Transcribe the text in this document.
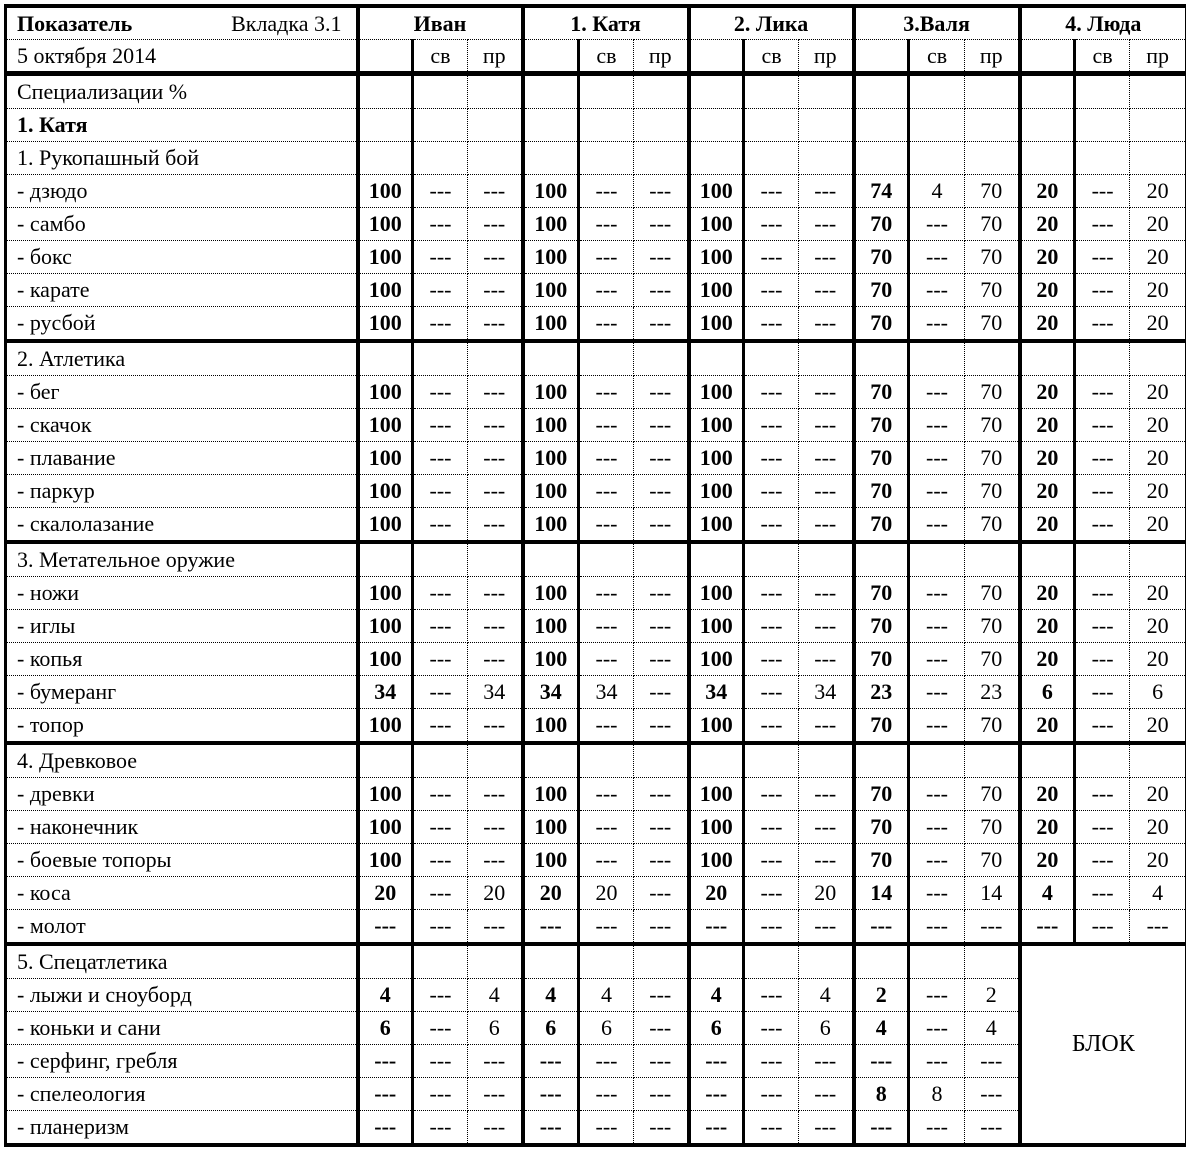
Показатель Вкладка 3.1	Иван			1. Катя			2. Лика			3.Валя			4. Люда		
5 октября 2014		св	пр		св	пр		св	пр		св	пр		св	пр
Специализации %															
1. Катя															
1. Рукопашный бой															
- дзюдо	100	---	---	100	---	---	100	---	---	74	4	70	20	---	20
- самбо	100	---	---	100	---	---	100	---	---	70	---	70	20	---	20
- бокс	100	---	---	100	---	---	100	---	---	70	---	70	20	---	20
- карате	100	---	---	100	---	---	100	---	---	70	---	70	20	---	20
- русбой	100	---	---	100	---	---	100	---	---	70	---	70	20	---	20
2. Атлетика															
- бег	100	---	---	100	---	---	100	---	---	70	---	70	20	---	20
- скачок	100	---	---	100	---	---	100	---	---	70	---	70	20	---	20
- плавание	100	---	---	100	---	---	100	---	---	70	---	70	20	---	20
- паркур	100	---	---	100	---	---	100	---	---	70	---	70	20	---	20
- скалолазание	100	---	---	100	---	---	100	---	---	70	---	70	20	---	20
3. Метательное оружие															
- ножи	100	---	---	100	---	---	100	---	---	70	---	70	20	---	20
- иглы	100	---	---	100	---	---	100	---	---	70	---	70	20	---	20
- копья	100	---	---	100	---	---	100	---	---	70	---	70	20	---	20
- бумеранг	34	---	34	34	34	---	34	---	34	23	---	23	6	---	6
- топор	100	---	---	100	---	---	100	---	---	70	---	70	20	---	20
4. Древковое															
- древки	100	---	---	100	---	---	100	---	---	70	---	70	20	---	20
- наконечник	100	---	---	100	---	---	100	---	---	70	---	70	20	---	20
- боевые топоры	100	---	---	100	---	---	100	---	---	70	---	70	20	---	20
- коса	20	---	20	20	20	---	20	---	20	14	---	14	4	---	4
- молот	---	---	---	---	---	---	---	---	---	---	---	---	---	---	---
5. Спецатлетика													БЛОК		
- лыжи и сноуборд	4	---	4	4	4	---	4	---	4	2	---	2			
- коньки и сани	6	---	6	6	6	---	6	---	6	4	---	4			
- серфинг, гребля	---	---	---	---	---	---	---	---	---	---	---	---			
- спелеология	---	---	---	---	---	---	---	---	---	8	8	---			
- планеризм	---	---	---	---	---	---	---	---	---	---	---	---			
